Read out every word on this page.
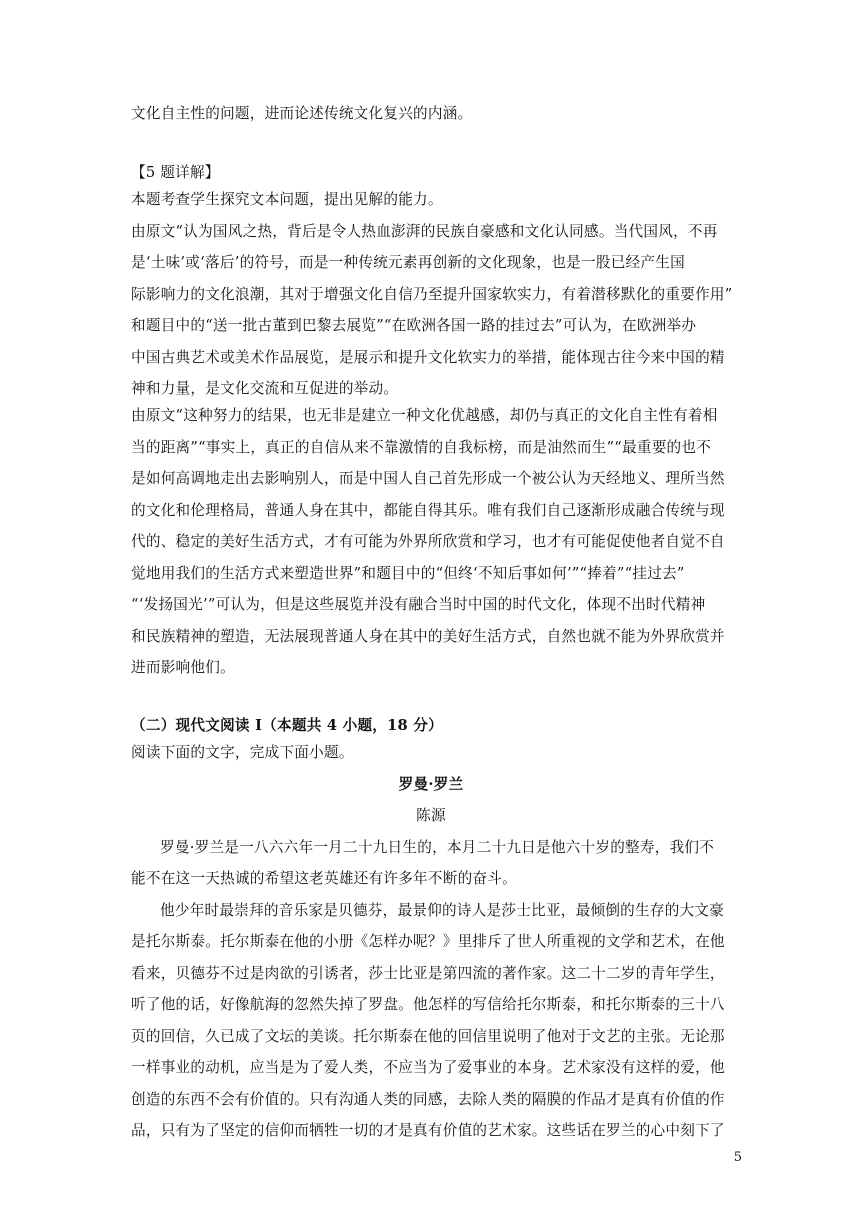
文化自主性的问题，进而论述传统文化复兴的内涵。
【5 题详解】
本题考查学生探究文本问题，提出见解的能力。
由原文“认为国风之热，背后是令人热血澎湃的民族自豪感和文化认同感。当代国风，不再
是‘土味’或‘落后’的符号，而是一种传统元素再创新的文化现象，也是一股已经产生国
际影响力的文化浪潮，其对于增强文化自信乃至提升国家软实力，有着潜移默化的重要作用”
和题目中的“送一批古董到巴黎去展览”“在欧洲各国一路的挂过去”可认为，在欧洲举办
中国古典艺术或美术作品展览，是展示和提升文化软实力的举措，能体现古往今来中国的精
神和力量，是文化交流和互促进的举动。
由原文“这种努力的结果，也无非是建立一种文化优越感，却仍与真正的文化自主性有着相
当的距离”“事实上，真正的自信从来不靠激情的自我标榜，而是油然而生”“最重要的也不
是如何高调地走出去影响别人，而是中国人自己首先形成一个被公认为天经地义、理所当然
的文化和伦理格局，普通人身在其中，都能自得其乐。唯有我们自己逐渐形成融合传统与现
代的、稳定的美好生活方式，才有可能为外界所欣赏和学习，也才有可能促使他者自觉不自
觉地用我们的生活方式来塑造世界”和题目中的“但终‘不知后事如何’”“捧着”“挂过去”
“‘发扬国光’”可认为，但是这些展览并没有融合当时中国的时代文化，体现不出时代精神
和民族精神的塑造，无法展现普通人身在其中的美好生活方式，自然也就不能为外界欣赏并
进而影响他们。
（二）现代文阅读 I（本题共 4 小题，18 分）
阅读下面的文字，完成下面小题。
罗曼·罗兰
陈源
罗曼·罗兰是一八六六年一月二十九日生的，本月二十九日是他六十岁的整寿，我们不
能不在这一天热诚的希望这老英雄还有许多年不断的奋斗。
他少年时最崇拜的音乐家是贝德芬，最景仰的诗人是莎士比亚，最倾倒的生存的大文豪
是托尔斯泰。托尔斯泰在他的小册《怎样办呢？》里排斥了世人所重视的文学和艺术，在他
看来，贝德芬不过是肉欲的引诱者，莎士比亚是第四流的著作家。这二十二岁的青年学生，
听了他的话，好像航海的忽然失掉了罗盘。他怎样的写信给托尔斯泰，和托尔斯泰的三十八
页的回信，久已成了文坛的美谈。托尔斯泰在他的回信里说明了他对于文艺的主张。无论那
一样事业的动机，应当是为了爱人类，不应当为了爱事业的本身。艺术家没有这样的爱，他
创造的东西不会有价值的。只有沟通人类的同感，去除人类的隔膜的作品才是真有价值的作
品，只有为了坚定的信仰而牺牲一切的才是真有价值的艺术家。这些话在罗兰的心中刻下了
5
